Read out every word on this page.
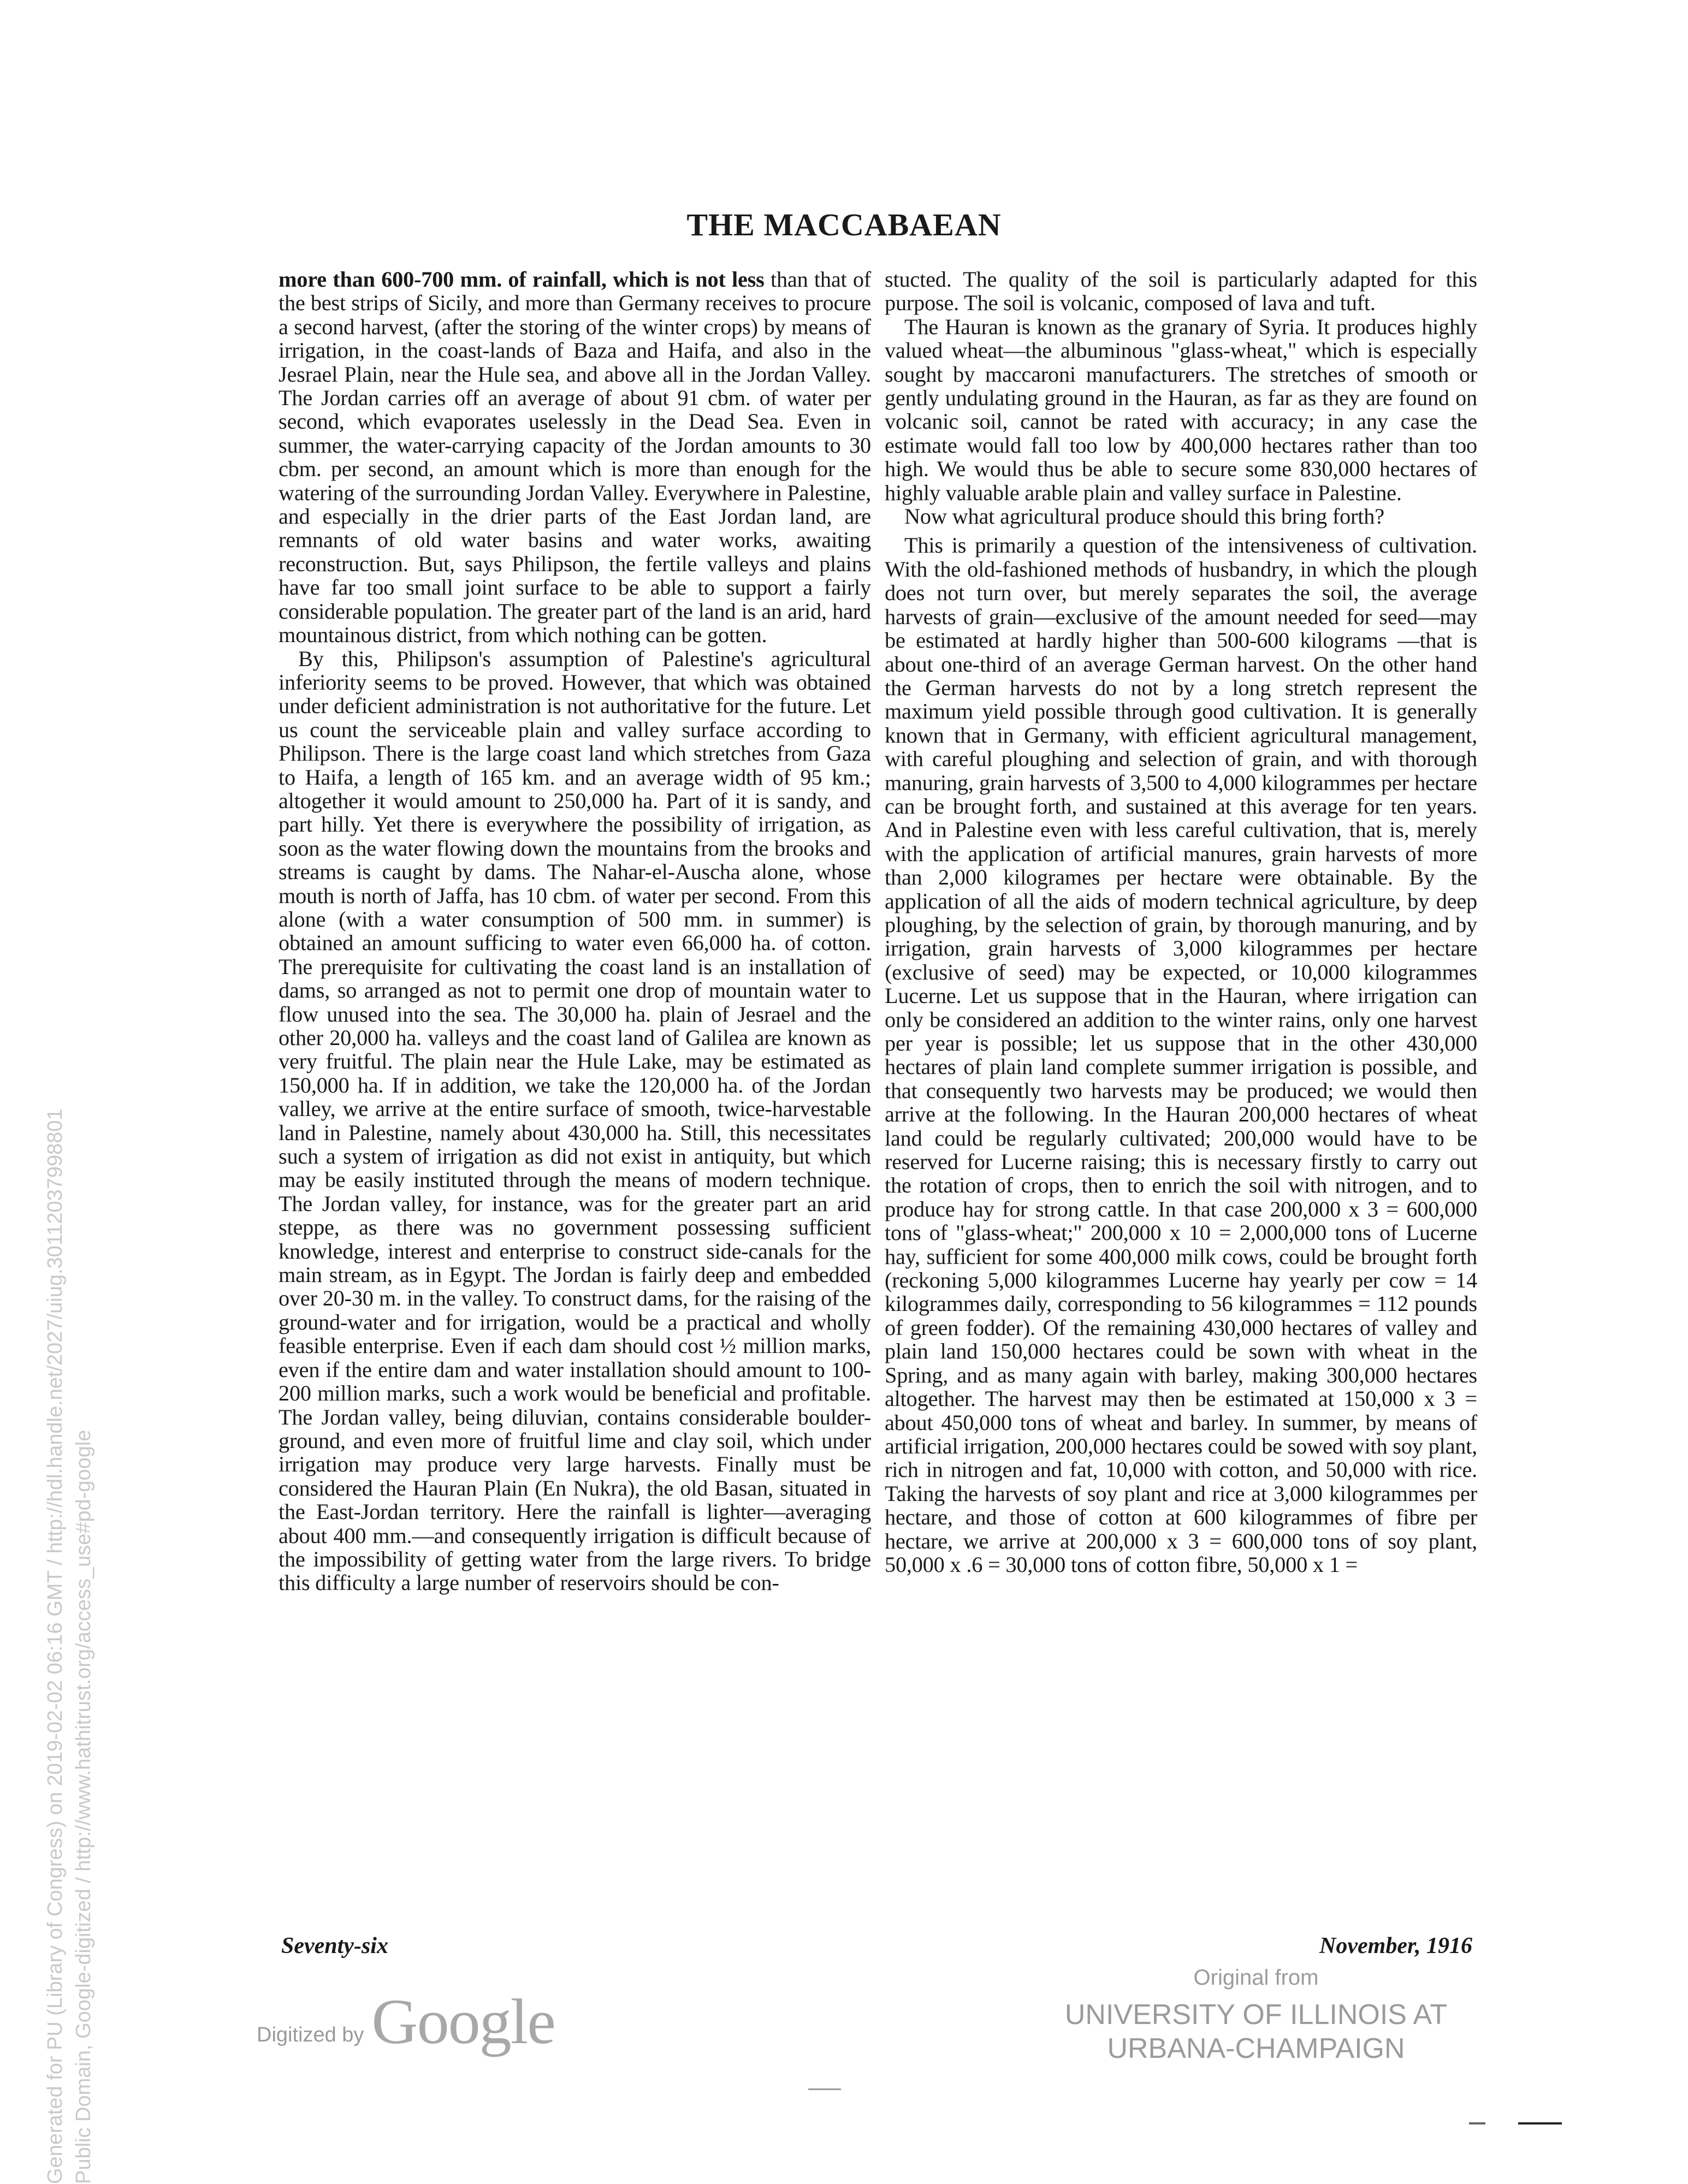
THE MACCABAEAN

more than 600-700 mm. of rainfall, which is not less than that of the best strips of Sicily, and more than Germany receives to procure a second harvest, (after the storing of the winter crops) by means of irrigation, in the coast-lands of Baza and Haifa, and also in the Jesrael Plain, near the Hule sea, and above all in the Jordan Valley. The Jordan carries off an average of about 91 cbm. of water per second, which evaporates uselessly in the Dead Sea. Even in summer, the water-carrying capacity of the Jordan amounts to 30 cbm. per second, an amount which is more than enough for the watering of the surrounding Jordan Valley. Everywhere in Palestine, and especially in the drier parts of the East Jordan land, are remnants of old water basins and water works, awaiting reconstruction. But, says Philipson, the fertile valleys and plains have far too small joint surface to be able to support a fairly considerable population. The greater part of the land is an arid, hard mountainous district, from which nothing can be gotten.

By this, Philipson's assumption of Palestine's agricultural inferiority seems to be proved. However, that which was obtained under deficient administration is not authoritative for the future. Let us count the serviceable plain and valley surface according to Philipson. There is the large coast land which stretches from Gaza to Haifa, a length of 165 km. and an average width of 95 km.; altogether it would amount to 250,000 ha. Part of it is sandy, and part hilly. Yet there is everywhere the possibility of irrigation, as soon as the water flowing down the mountains from the brooks and streams is caught by dams. The Nahar-el-Auscha alone, whose mouth is north of Jaffa, has 10 cbm. of water per second. From this alone (with a water consumption of 500 mm. in summer) is obtained an amount sufficing to water even 66,000 ha. of cotton. The prerequisite for cultivating the coast land is an installation of dams, so arranged as not to permit one drop of mountain water to flow unused into the sea. The 30,000 ha. plain of Jesrael and the other 20,000 ha. valleys and the coast land of Galilea are known as very fruitful. The plain near the Hule Lake, may be estimated as 150,000 ha. If in addition, we take the 120,000 ha. of the Jordan valley, we arrive at the entire surface of smooth, twice-harvestable land in Palestine, namely about 430,000 ha. Still, this necessitates such a system of irrigation as did not exist in antiquity, but which may be easily instituted through the means of modern technique. The Jordan valley, for instance, was for the greater part an arid steppe, as there was no government possessing sufficient knowledge, interest and enterprise to construct side-canals for the main stream, as in Egypt. The Jordan is fairly deep and embedded over 20-30 m. in the valley. To construct dams, for the raising of the ground-water and for irrigation, would be a practical and wholly feasible enterprise. Even if each dam should cost ½ million marks, even if the entire dam and water installation should amount to 100-200 million marks, such a work would be beneficial and profitable. The Jordan valley, being diluvian, contains considerable boulder-ground, and even more of fruitful lime and clay soil, which under irrigation may produce very large harvests. Finally must be considered the Hauran Plain (En Nukra), the old Basan, situated in the East-Jordan territory. Here the rainfall is lighter—averaging about 400 mm.—and consequently irrigation is difficult because of the impossibility of getting water from the large rivers. To bridge this difficulty a large number of reservoirs should be con-

stucted. The quality of the soil is particularly adapted for this purpose. The soil is volcanic, composed of lava and tuft.

The Hauran is known as the granary of Syria. It produces highly valued wheat—the albuminous "glass-wheat," which is especially sought by maccaroni manufacturers. The stretches of smooth or gently undulating ground in the Hauran, as far as they are found on volcanic soil, cannot be rated with accuracy; in any case the estimate would fall too low by 400,000 hectares rather than too high. We would thus be able to secure some 830,000 hectares of highly valuable arable plain and valley surface in Palestine.

Now what agricultural produce should this bring forth?

This is primarily a question of the intensiveness of cultivation. With the old-fashioned methods of husbandry, in which the plough does not turn over, but merely separates the soil, the average harvests of grain—exclusive of the amount needed for seed—may be estimated at hardly higher than 500-600 kilograms —that is about one-third of an average German harvest. On the other hand the German harvests do not by a long stretch represent the maximum yield possible through good cultivation. It is generally known that in Germany, with efficient agricultural management, with careful ploughing and selection of grain, and with thorough manuring, grain harvests of 3,500 to 4,000 kilogrammes per hectare can be brought forth, and sustained at this average for ten years. And in Palestine even with less careful cultivation, that is, merely with the application of artificial manures, grain harvests of more than 2,000 kilogrames per hectare were obtainable. By the application of all the aids of modern technical agriculture, by deep ploughing, by the selection of grain, by thorough manuring, and by irrigation, grain harvests of 3,000 kilogrammes per hectare (exclusive of seed) may be expected, or 10,000 kilogrammes Lucerne. Let us suppose that in the Hauran, where irrigation can only be considered an addition to the winter rains, only one harvest per year is possible; let us suppose that in the other 430,000 hectares of plain land complete summer irrigation is possible, and that consequently two harvests may be produced; we would then arrive at the following. In the Hauran 200,000 hectares of wheat land could be regularly cultivated; 200,000 would have to be reserved for Lucerne raising; this is necessary firstly to carry out the rotation of crops, then to enrich the soil with nitrogen, and to produce hay for strong cattle. In that case 200,000 x 3 = 600,000 tons of "glass-wheat;" 200,000 x 10 = 2,000,000 tons of Lucerne hay, sufficient for some 400,000 milk cows, could be brought forth (reckoning 5,000 kilogrammes Lucerne hay yearly per cow = 14 kilogrammes daily, corresponding to 56 kilogrammes = 112 pounds of green fodder). Of the remaining 430,000 hectares of valley and plain land 150,000 hectares could be sown with wheat in the Spring, and as many again with barley, making 300,000 hectares altogether. The harvest may then be estimated at 150,000 x 3 = about 450,000 tons of wheat and barley. In summer, by means of artificial irrigation, 200,000 hectares could be sowed with soy plant, rich in nitrogen and fat, 10,000 with cotton, and 50,000 with rice. Taking the harvests of soy plant and rice at 3,000 kilogrammes per hectare, and those of cotton at 600 kilogrammes of fibre per hectare, we arrive at 200,000 x 3 = 600,000 tons of soy plant, 50,000 x .6 = 30,000 tons of cotton fibre, 50,000 x 1 =

Seventy-six	November, 1916
Digitized by Google
Original from
UNIVERSITY OF ILLINOIS AT
URBANA-CHAMPAIGN
Generated for PU (Library of Congress) on 2019-02-02 06:16 GMT / http://hdl.handle.net/2027/uiug.30112037998801 Public Domain, Google-digitized / http://www.hathitrust.org/access_use#pd-google
